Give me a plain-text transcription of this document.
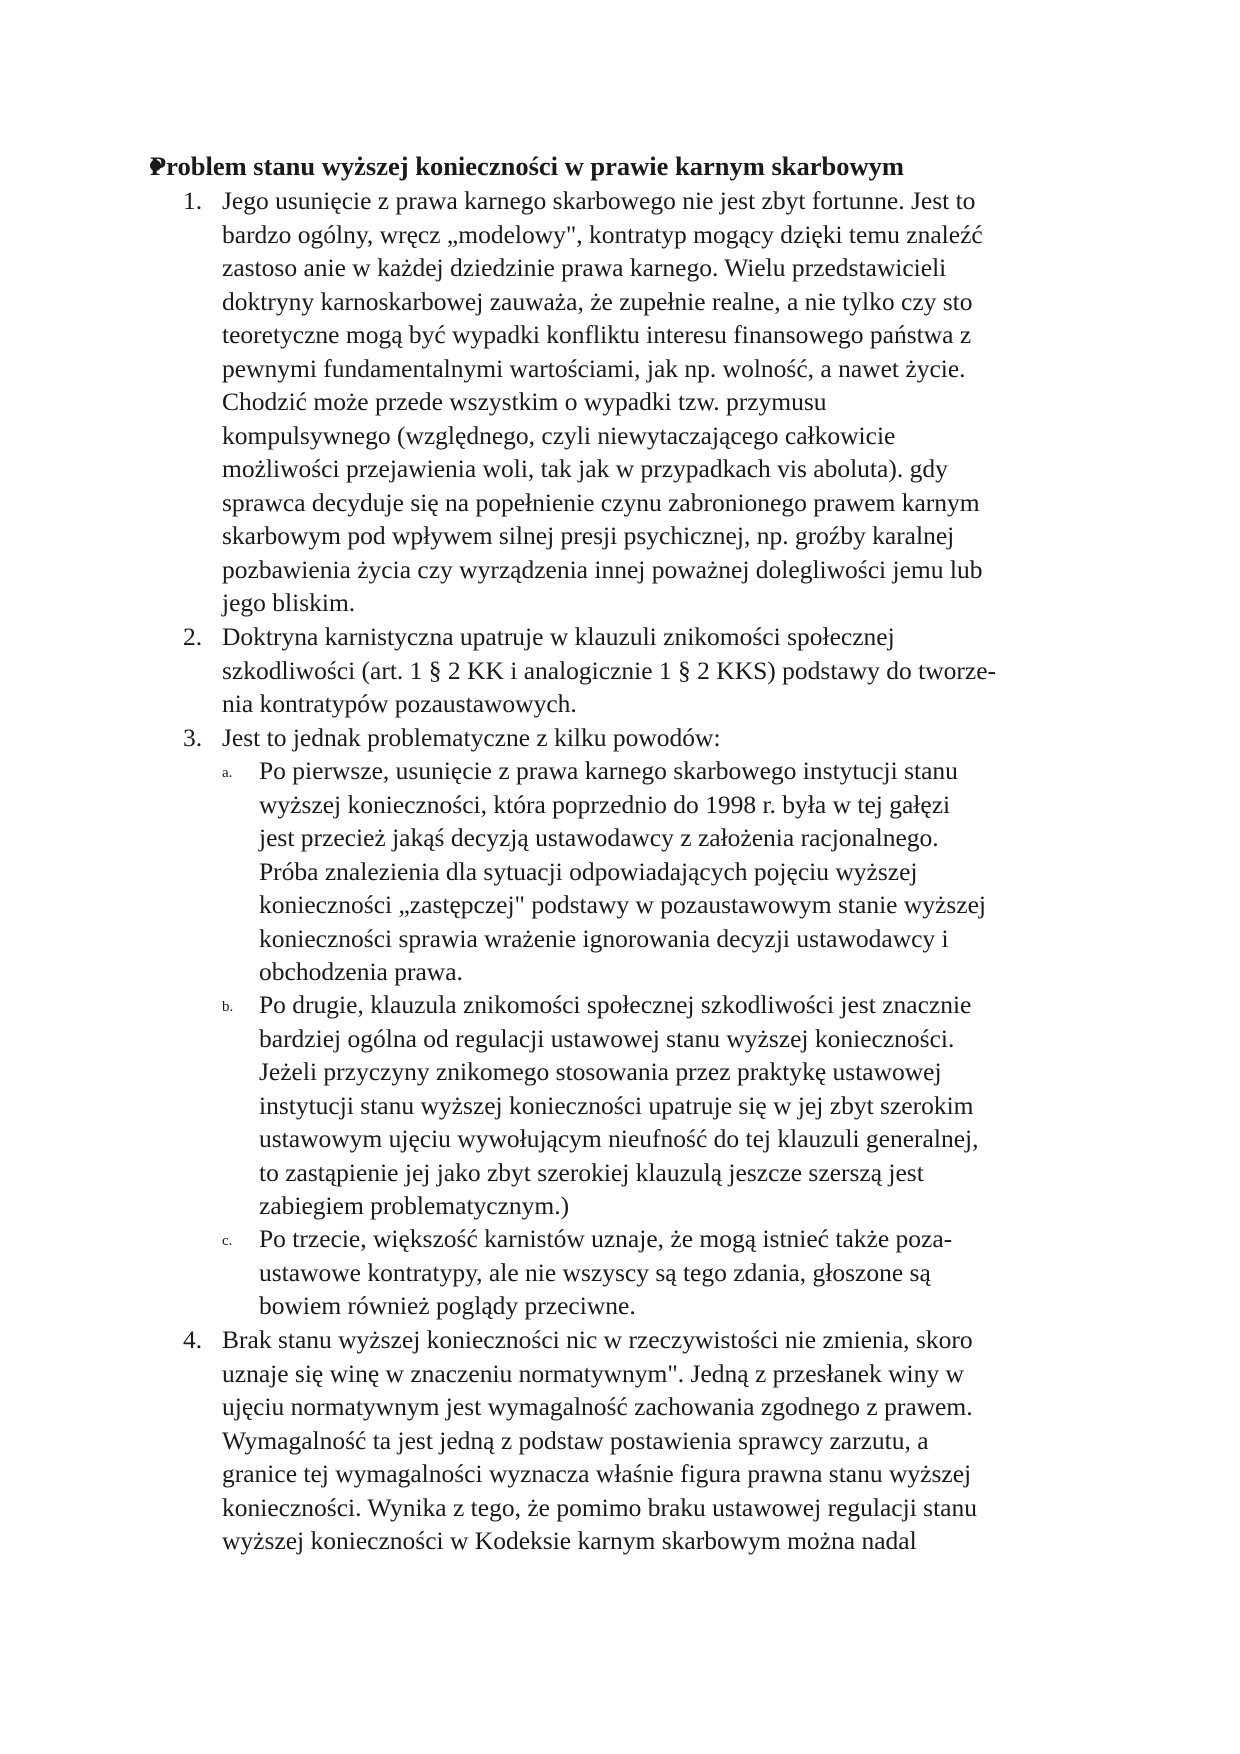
Problem stanu wyższej konieczności w prawie karnym skarbowym
1. Jego usunięcie z prawa karnego skarbowego nie jest zbyt fortunne. Jest to
bardzo ogólny, wręcz „modelowy", kontratyp mogący dzięki temu znaleźć
zastoso anie w każdej dziedzinie prawa karnego. Wielu przedstawicieli
doktryny karnoskarbowej zauważa, że zupełnie realne, a nie tylko czy sto
teoretyczne mogą być wypadki konfliktu interesu finansowego państwa z
pewnymi fundamentalnymi wartościami, jak np. wolność, a nawet życie.
Chodzić może przede wszystkim o wypadki tzw. przymusu
kompulsywnego (względnego, czyli niewytaczającego całkowicie
możliwości przejawienia woli, tak jak w przypadkach vis aboluta). gdy
sprawca decyduje się na popełnienie czynu zabronionego prawem karnym
skarbowym pod wpływem silnej presji psychicznej, np. groźby karalnej
pozbawienia życia czy wyrządzenia innej poważnej dolegliwości jemu lub
jego bliskim.

2. Doktryna karnistyczna upatruje w klauzuli znikomości społecznej
szkodliwości (art. 1 § 2 KK i analogicznie 1 § 2 KKS) podstawy do tworze-
nia kontratypów pozaustawowych.

3. Jest to jednak problematyczne z kilku powodów:

a.	Po pierwsze, usunięcie z prawa karnego skarbowego instytucji stanu
wyższej konieczności, która poprzednio do 1998 r. była w tej gałęzi
jest przecież jakąś decyzją ustawodawcy z założenia racjonalnego.
Próba znalezienia dla sytuacji odpowiadających pojęciu wyższej
konieczności „zastępczej" podstawy w pozaustawowym stanie wyższej
konieczności sprawia wrażenie ignorowania decyzji ustawodawcy i
obchodzenia prawa.

b.	Po drugie, klauzula znikomości społecznej szkodliwości jest znacznie
bardziej ogólna od regulacji ustawowej stanu wyższej konieczności.
Jeżeli przyczyny znikomego stosowania przez praktykę ustawowej
instytucji stanu wyższej konieczności upatruje się w jej zbyt szerokim
ustawowym ujęciu wywołującym nieufność do tej klauzuli generalnej,
to zastąpienie jej jako zbyt szerokiej klauzulą jeszcze szerszą jest
zabiegiem problematycznym.)

c.	Po trzecie, większość karnistów uznaje, że mogą istnieć także poza-
ustawowe kontratypy, ale nie wszyscy są tego zdania, głoszone są
bowiem również poglądy przeciwne.

4. Brak stanu wyższej konieczności nic w rzeczywistości nie zmienia, skoro
uznaje się winę w znaczeniu normatywnym". Jedną z przesłanek winy w
ujęciu normatywnym jest wymagalność zachowania zgodnego z prawem.
Wymagalność ta jest jedną z podstaw postawienia sprawcy zarzutu, a
granice tej wymagalności wyznacza właśnie figura prawna stanu wyższej
konieczności. Wynika z tego, że pomimo braku ustawowej regulacji stanu
wyższej konieczności w Kodeksie karnym skarbowym można nadal
